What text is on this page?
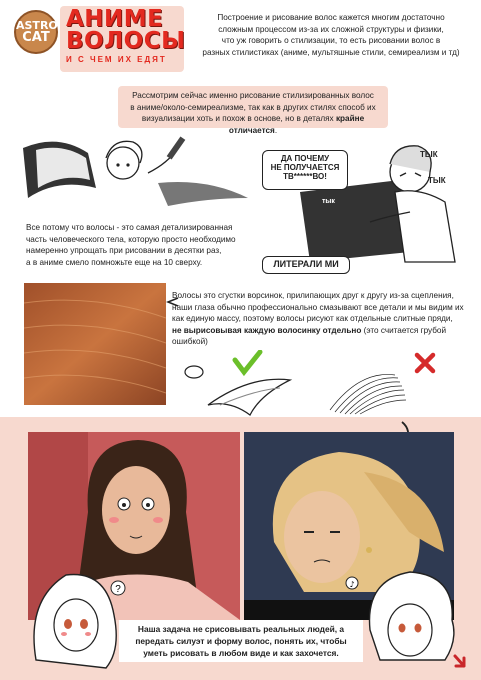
ASTRO
CAT
АНИМЕ
ВОЛОСЫ
И С ЧЕМ ИХ ЕДЯТ
Построение и рисование волос кажется многим достаточно
сложным процессом из-за их сложной структуры и физики,
что уж говорить о стилизации, то есть рисовании волос в
разных стилистиках (аниме, мультяшные стили, семиреализм и тд)
Рассмотрим сейчас именно рисование стилизированных волос
в аниме/около-семиреализме, так как в других стилях способ их
визуализации хоть и похож в основе, но в деталях крайне отличается.
ДА ПОЧЕМУ
НЕ ПОЛУЧАЕТСЯ
ТВ******ВО!
ТЫК
ТЫК
тык
ЛИТЕРАЛИ МИ
Все потому что волосы - это самая детализированная
часть человеческого тела, которую просто необходимо
намеренно упрощать при рисовании в десятки раз,
а в аниме смело помножьте еще на 10 сверху.
Волосы это сгустки ворсинок, прилипающих друг к другу из-за сцепления,
наши глаза обычно профессионально смазывают все детали и мы видим их
как единую массу, поэтому волосы рисуют как отдельные слитные пряди,
не вырисовывая каждую волосинку отдельно (это считается грубой ошибкой)
?	♪
Наша задача не срисовывать реальных людей, а
передать силуэт и форму волос, понять их, чтобы
уметь рисовать в любом виде и как захочется.
